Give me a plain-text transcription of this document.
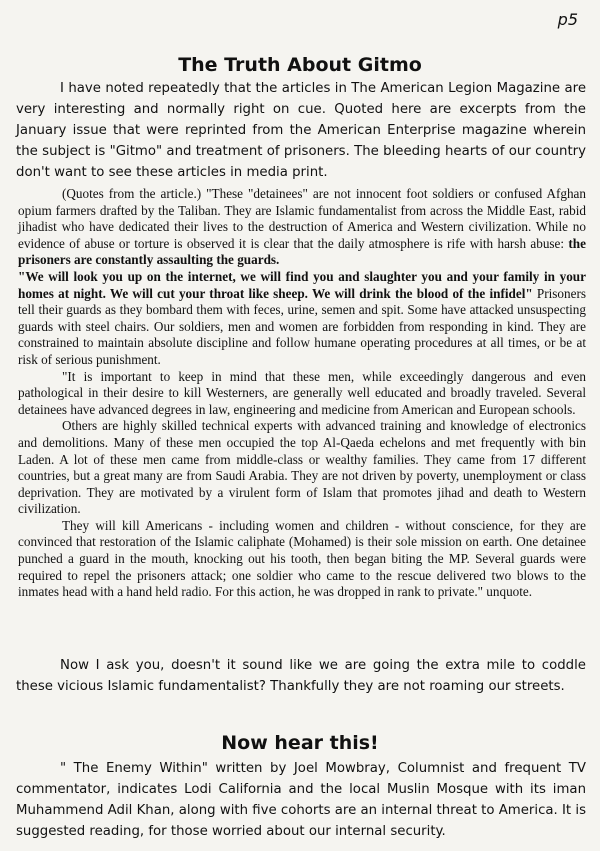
p5
The Truth About Gitmo

I have noted repeatedly that the articles in The American Legion Magazine are very interesting and normally right on cue. Quoted here are excerpts from the January issue that were reprinted from the American Enterprise magazine wherein the subject is "Gitmo" and treatment of prisoners. The bleeding hearts of our country don't want to see these articles in media print.

(Quotes from the article.) "These "detainees" are not innocent foot soldiers or confused Afghan opium farmers drafted by the Taliban. They are Islamic fundamentalist from across the Middle East, rabid jihadist who have dedicated their lives to the destruction of America and Western civilization. While no evidence of abuse or torture is observed it is clear that the daily atmosphere is rife with harsh abuse: the prisoners are constantly assaulting the guards.

"We will look you up on the internet, we will find you and slaughter you and your family in your homes at night. We will cut your throat like sheep. We will drink the blood of the infidel" Prisoners tell their guards as they bombard them with feces, urine, semen and spit. Some have attacked unsuspecting guards with steel chairs. Our soldiers, men and women are forbidden from responding in kind. They are constrained to maintain absolute discipline and follow humane operating procedures at all times, or be at risk of serious punishment.

"It is important to keep in mind that these men, while exceedingly dangerous and even pathological in their desire to kill Westerners, are generally well educated and broadly traveled. Several detainees have advanced degrees in law, engineering and medicine from American and European schools.

Others are highly skilled technical experts with advanced training and knowledge of electronics and demolitions. Many of these men occupied the top Al-Qaeda echelons and met frequently with bin Laden. A lot of these men came from middle-class or wealthy families. They came from 17 different countries, but a great many are from Saudi Arabia. They are not driven by poverty, unemployment or class deprivation. They are motivated by a virulent form of Islam that promotes jihad and death to Western civilization.

They will kill Americans - including women and children - without conscience, for they are convinced that restoration of the Islamic caliphate (Mohamed) is their sole mission on earth. One detainee punched a guard in the mouth, knocking out his tooth, then began biting the MP. Several guards were required to repel the prisoners attack; one soldier who came to the rescue delivered two blows to the inmates head with a hand held radio. For this action, he was dropped in rank to private." unquote.

Now I ask you, doesn't it sound like we are going the extra mile to coddle these vicious Islamic fundamentalist? Thankfully they are not roaming our streets.

Now hear this!

" The Enemy Within" written by Joel Mowbray, Columnist and frequent TV commentator, indicates Lodi California and the local Muslin Mosque with its iman Muhammend Adil Khan, along with five cohorts are an internal threat to America. It is suggested reading, for those worried about our internal security.
